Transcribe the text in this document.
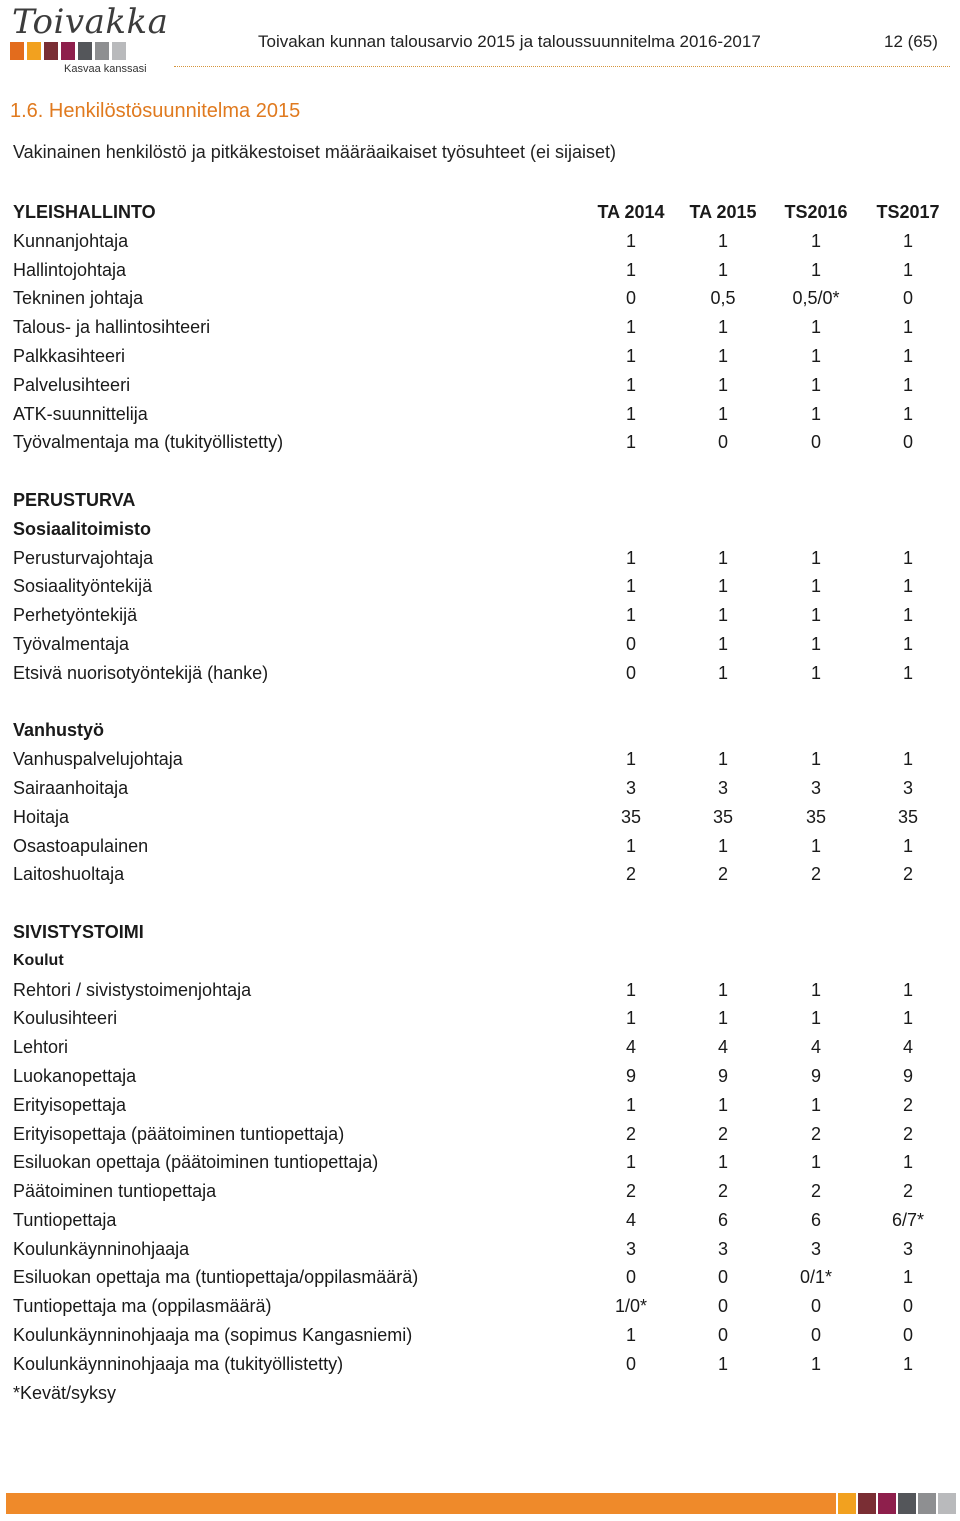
Toivakka
Kasvaa kanssasi
Toivakan kunnan talousarvio 2015 ja taloussuunnitelma 2016-2017	12 (65)
1.6. Henkilöstösuunnitelma 2015
Vakinainen henkilöstö ja pitkäkestoiset määräaikaiset työsuhteet (ei sijaiset)
YLEISHALLINTO	TA 2014	TA 2015	TS2016	TS2017
Kunnanjohtaja	1	1	1	1
Hallintojohtaja	1	1	1	1
Tekninen johtaja	0	0,5	0,5/0*	0
Talous- ja hallintosihteeri	1	1	1	1
Palkkasihteeri	1	1	1	1
Palvelusihteeri	1	1	1	1
ATK-suunnittelija	1	1	1	1
Työvalmentaja ma (tukityöllistetty)	1	0	0	0
PERUSTURVA
Sosiaalitoimisto
Perusturvajohtaja	1	1	1	1
Sosiaalityöntekijä	1	1	1	1
Perhetyöntekijä	1	1	1	1
Työvalmentaja	0	1	1	1
Etsivä nuorisotyöntekijä (hanke)	0	1	1	1
Vanhustyö
Vanhuspalvelujohtaja	1	1	1	1
Sairaanhoitaja	3	3	3	3
Hoitaja	35	35	35	35
Osastoapulainen	1	1	1	1
Laitoshuoltaja	2	2	2	2
SIVISTYSTOIMI
Koulut
Rehtori / sivistystoimenjohtaja	1	1	1	1
Koulusihteeri	1	1	1	1
Lehtori	4	4	4	4
Luokanopettaja	9	9	9	9
Erityisopettaja	1	1	1	2
Erityisopettaja (päätoiminen tuntiopettaja)	2	2	2	2
Esiluokan opettaja (päätoiminen tuntiopettaja)	1	1	1	1
Päätoiminen tuntiopettaja	2	2	2	2
Tuntiopettaja	4	6	6	6/7*
Koulunkäynninohjaaja	3	3	3	3
Esiluokan opettaja ma (tuntiopettaja/oppilasmäärä)	0	0	0/1*	1
Tuntiopettaja ma (oppilasmäärä)	1/0*	0	0	0
Koulunkäynninohjaaja ma (sopimus Kangasniemi)	1	0	0	0
Koulunkäynninohjaaja ma (tukityöllistetty)	0	1	1	1
*Kevät/syksy
